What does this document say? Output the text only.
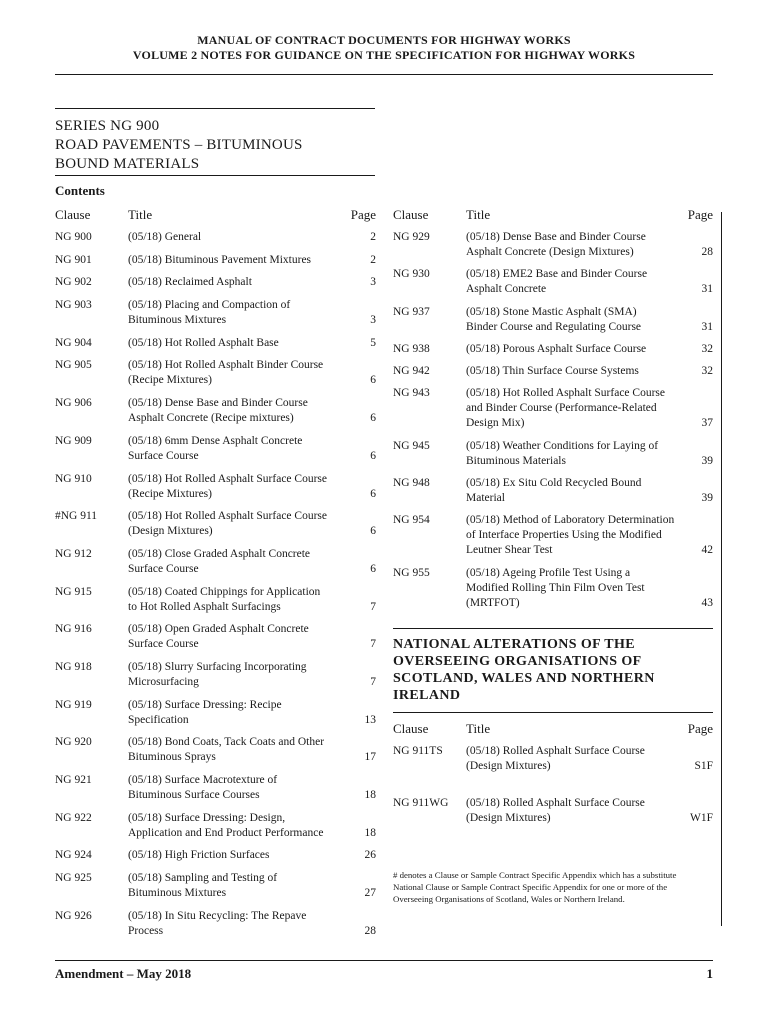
MANUAL OF CONTRACT DOCUMENTS FOR HIGHWAY WORKS
VOLUME 2 NOTES FOR GUIDANCE ON THE SPECIFICATION FOR HIGHWAY WORKS
SERIES NG 900
ROAD PAVEMENTS – BITUMINOUS
BOUND MATERIALS
Contents
Clause	Title	Page
NG 900	(05/18) General	2
NG 901	(05/18) Bituminous Pavement Mixtures	2
NG 902	(05/18) Reclaimed Asphalt	3
NG 903	(05/18) Placing and Compaction of
Bituminous Mixtures	3
NG 904	(05/18) Hot Rolled Asphalt Base	5
NG 905	(05/18) Hot Rolled Asphalt Binder Course
(Recipe Mixtures)	6
NG 906	(05/18) Dense Base and Binder Course
Asphalt Concrete (Recipe mixtures)	6
NG 909	(05/18) 6mm Dense Asphalt Concrete
Surface Course	6
NG 910	(05/18) Hot Rolled Asphalt Surface Course
(Recipe Mixtures)	6
#NG 911	(05/18) Hot Rolled Asphalt Surface Course
(Design Mixtures)	6
NG 912	(05/18) Close Graded Asphalt Concrete
Surface Course	6
NG 915	(05/18) Coated Chippings for Application
to Hot Rolled Asphalt Surfacings	7
NG 916	(05/18) Open Graded Asphalt Concrete
Surface Course	7
NG 918	(05/18) Slurry Surfacing Incorporating
Microsurfacing	7
NG 919	(05/18) Surface Dressing: Recipe
Specification	13
NG 920	(05/18) Bond Coats, Tack Coats and Other
Bituminous Sprays	17
NG 921	(05/18) Surface Macrotexture of
Bituminous Surface Courses	18
NG 922	(05/18) Surface Dressing: Design,
Application and End Product Performance	18
NG 924	(05/18) High Friction Surfaces	26
NG 925	(05/18) Sampling and Testing of
Bituminous Mixtures	27
NG 926	(05/18) In Situ Recycling: The Repave
Process	28
Clause	Title	Page
NG 929	(05/18) Dense Base and Binder Course
Asphalt Concrete (Design Mixtures)	28
NG 930	(05/18) EME2 Base and Binder Course
Asphalt Concrete	31
NG 937	(05/18) Stone Mastic Asphalt (SMA)
Binder Course and Regulating Course	31
NG 938	(05/18) Porous Asphalt Surface Course	32
NG 942	(05/18) Thin Surface Course Systems	32
NG 943	(05/18) Hot Rolled Asphalt Surface Course
and Binder Course (Performance-Related
Design Mix)	37
NG 945	(05/18) Weather Conditions for Laying of
Bituminous Materials	39
NG 948	(05/18) Ex Situ Cold Recycled Bound
Material	39
NG 954	(05/18) Method of Laboratory Determination
of Interface Properties Using the Modified
Leutner Shear Test	42
NG 955	(05/18) Ageing Profile Test Using a
Modified Rolling Thin Film Oven Test
(MRTFOT)	43
NATIONAL ALTERATIONS OF THE
OVERSEEING ORGANISATIONS OF
SCOTLAND, WALES AND NORTHERN
IRELAND
Clause	Title	Page
NG 911TS (05/18) Rolled Asphalt Surface Course
(Design Mixtures)	S1F
NG 911WG (05/18) Rolled Asphalt Surface Course
(Design Mixtures)	W1F
# denotes a Clause or Sample Contract Specific Appendix which has a substitute National Clause or Sample Contract Specific Appendix for one or more of the Overseeing Organisations of Scotland, Wales or Northern Ireland.
Amendment – May 2018	1
